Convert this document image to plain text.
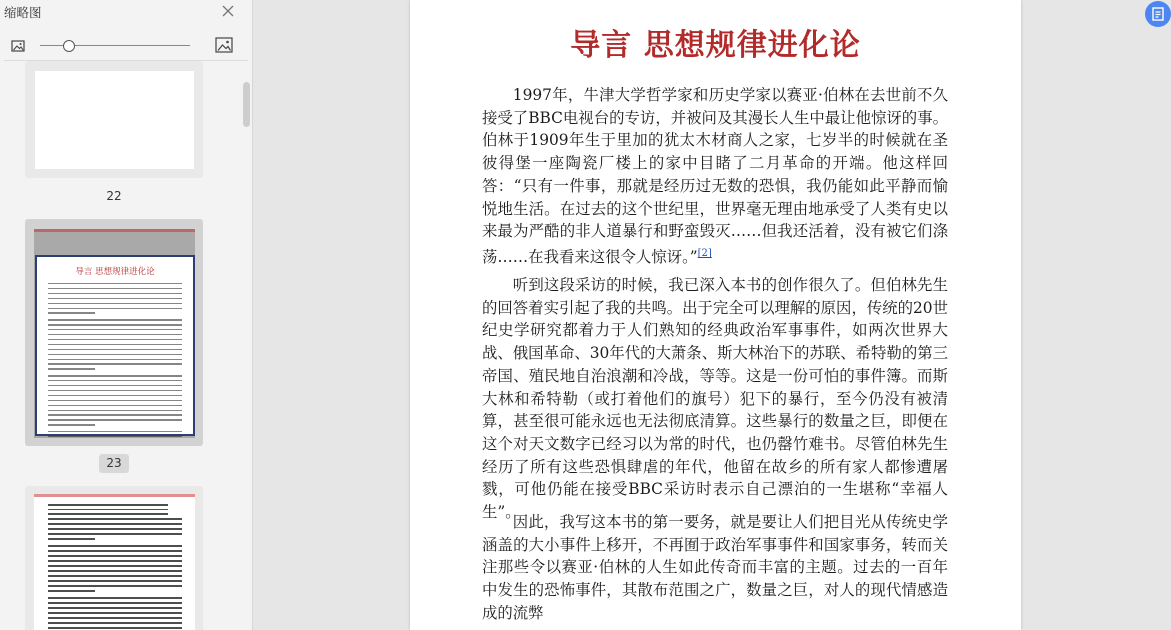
缩略图
22
导言 思想规律进化论
23
导言 思想规律进化论

1997年，牛津大学哲学家和历史学家以赛亚·伯林在去世前不久接受了BBC电视台的专访，并被问及其漫长人生中最让他惊讶的事。伯林于1909年生于里加的犹太木材商人之家，七岁半的时候就在圣彼得堡一座陶瓷厂楼上的家中目睹了二月革命的开端。他这样回答：“只有一件事，那就是经历过无数的恐惧，我仍能如此平静而愉悦地生活。在过去的这个世纪里，世界毫无理由地承受了人类有史以来最为严酷的非人道暴行和野蛮毁灭……但我还活着，没有被它们涤荡……在我看来这很令人惊讶。”[2]

听到这段采访的时候，我已深入本书的创作很久了。但伯林先生的回答着实引起了我的共鸣。出于完全可以理解的原因，传统的20世纪史学研究都着力于人们熟知的经典政治军事事件，如两次世界大战、俄国革命、30年代的大萧条、斯大林治下的苏联、希特勒的第三帝国、殖民地自治浪潮和冷战，等等。这是一份可怕的事件簿。而斯大林和希特勒（或打着他们的旗号）犯下的暴行，至今仍没有被清算，甚至很可能永远也无法彻底清算。这些暴行的数量之巨，即便在这个对天文数字已经习以为常的时代，也仍罄竹难书。尽管伯林先生经历了所有这些恐惧肆虐的年代，他留在故乡的所有家人都惨遭屠戮，可他仍能在接受BBC采访时表示自己漂泊的一生堪称“幸福人生”。

因此，我写这本书的第一要务，就是要让人们把目光从传统史学涵盖的大小事件上移开，不再囿于政治军事事件和国家事务，转而关注那些令以赛亚·伯林的人生如此传奇而丰富的主题。过去的一百年中发生的恐怖事件，其散布范围之广，数量之巨，对人的现代情感造成的流弊
